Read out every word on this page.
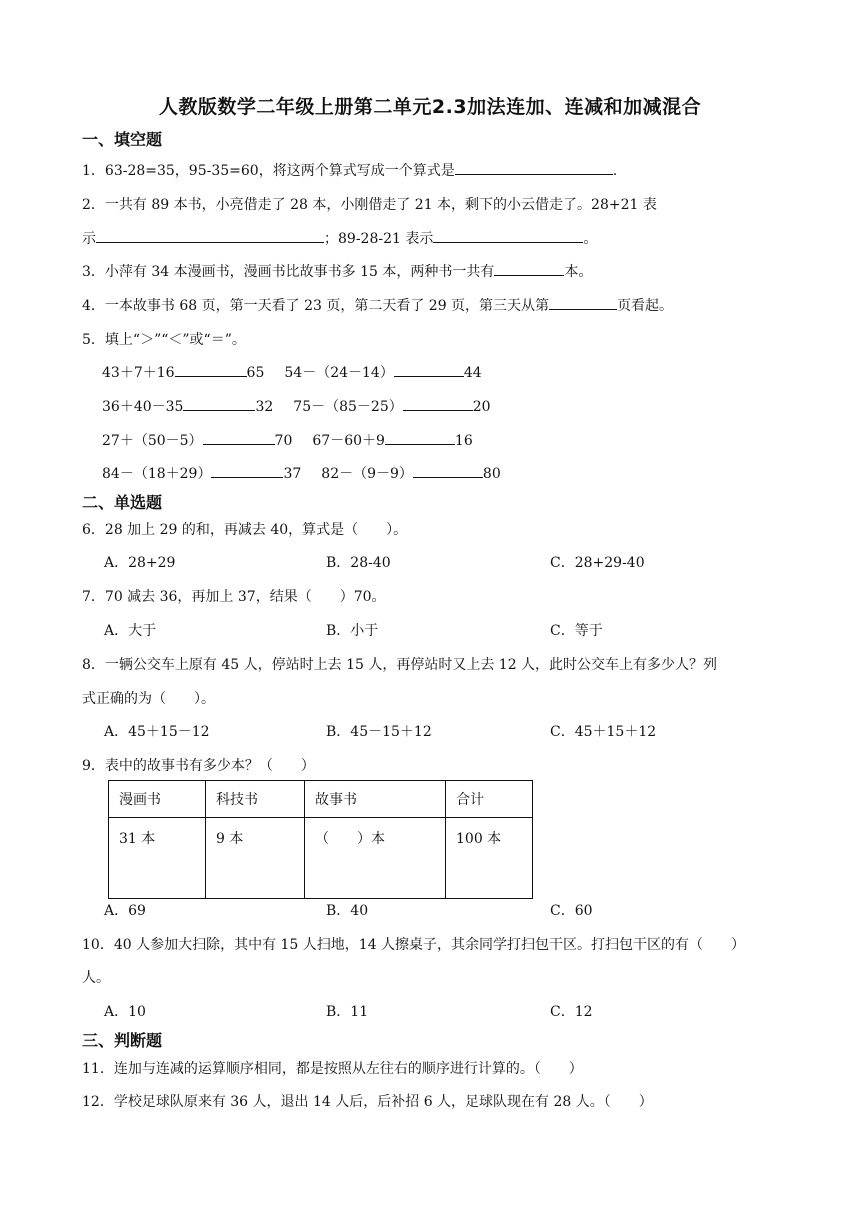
人教版数学二年级上册第二单元2.3加法连加、连减和加减混合
一、填空题
1．63-28=35，95-35=60，将这两个算式写成一个算式是	.
2．一共有 89 本书，小亮借走了 28 本，小刚借走了 21 本，剩下的小云借走了。28+21 表
示	；89-28-21 表示	。
3．小萍有 34 本漫画书，漫画书比故事书多 15 本，两种书一共有	本。
4．一本故事书 68 页，第一天看了 23 页，第二天看了 29 页，第三天从第	页看起。
5．填上“＞”“＜”或“＝”。
43＋7＋16	65 54－（24－14）	44
36＋40－35	32 75－（85－25）	20
27＋（50－5）	70 67－60＋9	16
84－（18＋29）	37 82－（9－9）	80
二、单选题
6．28 加上 29 的和，再减去 40，算式是（　　）。
A．28+29	B．28-40	C．28+29-40
7．70 减去 36，再加上 37，结果（　　）70。
A．大于	B．小于	C．等于
8．一辆公交车上原有 45 人，停站时上去 15 人，再停站时又上去 12 人，此时公交车上有多少人？列
式正确的为（　　）。
A．45＋15－12	B．45－15＋12	C．45＋15＋12
9．表中的故事书有多少本？（　　）
漫画书	科技书	故事书	合计
31 本	9 本	（　　）本	100 本
A．69	B．40	C．60
10．40 人参加大扫除，其中有 15 人扫地，14 人擦桌子，其余同学打扫包干区。打扫包干区的有（　　）
人。
A．10	B．11	C．12
三、判断题
11．连加与连减的运算顺序相同，都是按照从左往右的顺序进行计算的。（　　）
12．学校足球队原来有 36 人，退出 14 人后，后补招 6 人，足球队现在有 28 人。（　　）
